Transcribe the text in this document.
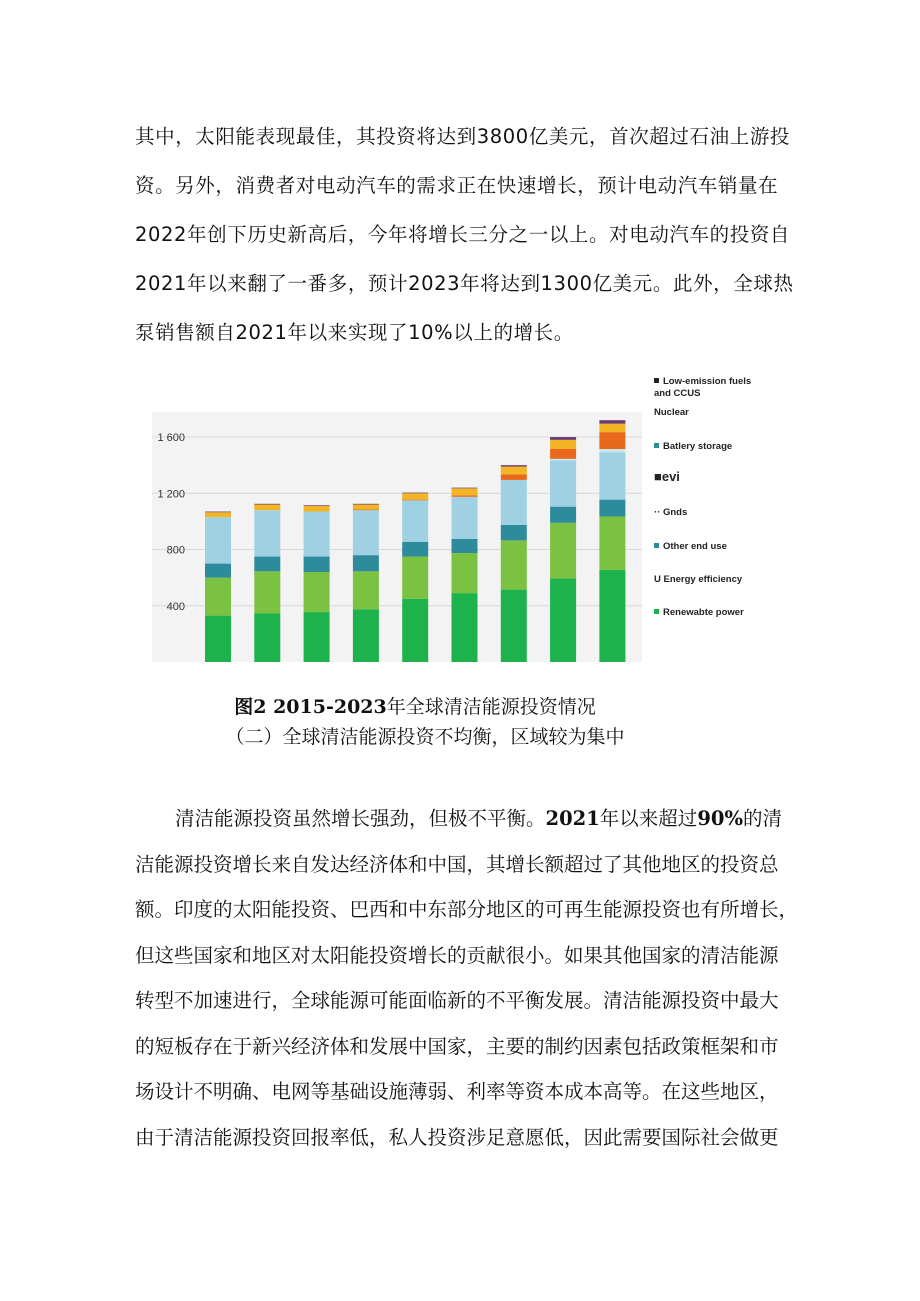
其中，太阳能表现最佳，其投资将达到3800亿美元，首次超过石油上游投
资。另外，消费者对电动汽车的需求正在快速增长，预计电动汽车销量在
2022年创下历史新高后，今年将增长三分之一以上。对电动汽车的投资自
2021年以来翻了一番多，预计2023年将达到1300亿美元。此外，全球热
泵销售额自2021年以来实现了10%以上的增长。
400
800
1 200
1 600
Low-emission fuels
and CCUS
Nuclear
Batlery storage
■evi
·· Gnds
Other end use
U Energy efficiency
Renewabte power
图2 2015-2023年全球清洁能源投资情况
（二）全球清洁能源投资不均衡，区域较为集中
清洁能源投资虽然增长强劲，但极不平衡。2021年以来超过90%的清
洁能源投资增长来自发达经济体和中国，其增长额超过了其他地区的投资总
额。印度的太阳能投资、巴西和中东部分地区的可再生能源投资也有所增长，
但这些国家和地区对太阳能投资增长的贡献很小。如果其他国家的清洁能源
转型不加速进行，全球能源可能面临新的不平衡发展。清洁能源投资中最大
的短板存在于新兴经济体和发展中国家，主要的制约因素包括政策框架和市
场设计不明确、电网等基础设施薄弱、利率等资本成本高等。在这些地区，
由于清洁能源投资回报率低，私人投资涉足意愿低，因此需要国际社会做更
